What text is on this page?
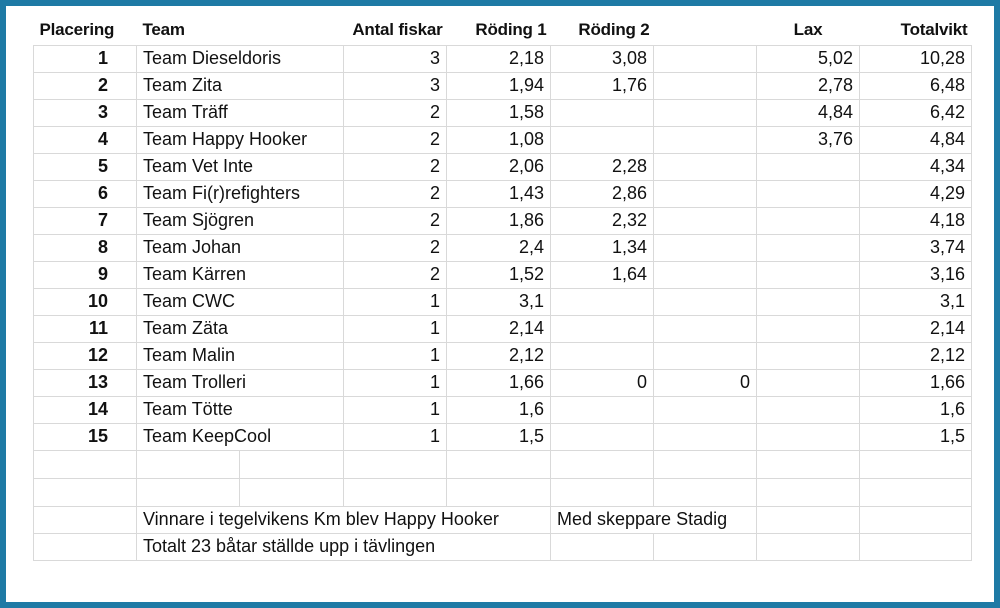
Placering	Team		Antal fiskar	Röding 1	Röding 2		Lax	Totalvikt
1	Team Dieseldoris		3	2,18	3,08		5,02	10,28
2	Team Zita		3	1,94	1,76		2,78	6,48
3	Team Träff		2	1,58			4,84	6,42
4	Team Happy Hooker		2	1,08			3,76	4,84
5	Team Vet Inte		2	2,06	2,28			4,34
6	Team Fi(r)refighters		2	1,43	2,86			4,29
7	Team Sjögren		2	1,86	2,32			4,18
8	Team Johan		2	2,4	1,34			3,74
9	Team Kärren		2	1,52	1,64			3,16
10	Team CWC		1	3,1				3,1
11	Team Zäta		1	2,14				2,14
12	Team Malin		1	2,12				2,12
13	Team Trolleri		1	1,66	0	0		1,66
14	Team Tötte		1	1,6				1,6
15	Team KeepCool		1	1,5				1,5

	Vinnare i tegelvikens Km blev Happy Hooker				Med skeppare Stadig			
	Totalt 23 båtar ställde upp i tävlingen							
